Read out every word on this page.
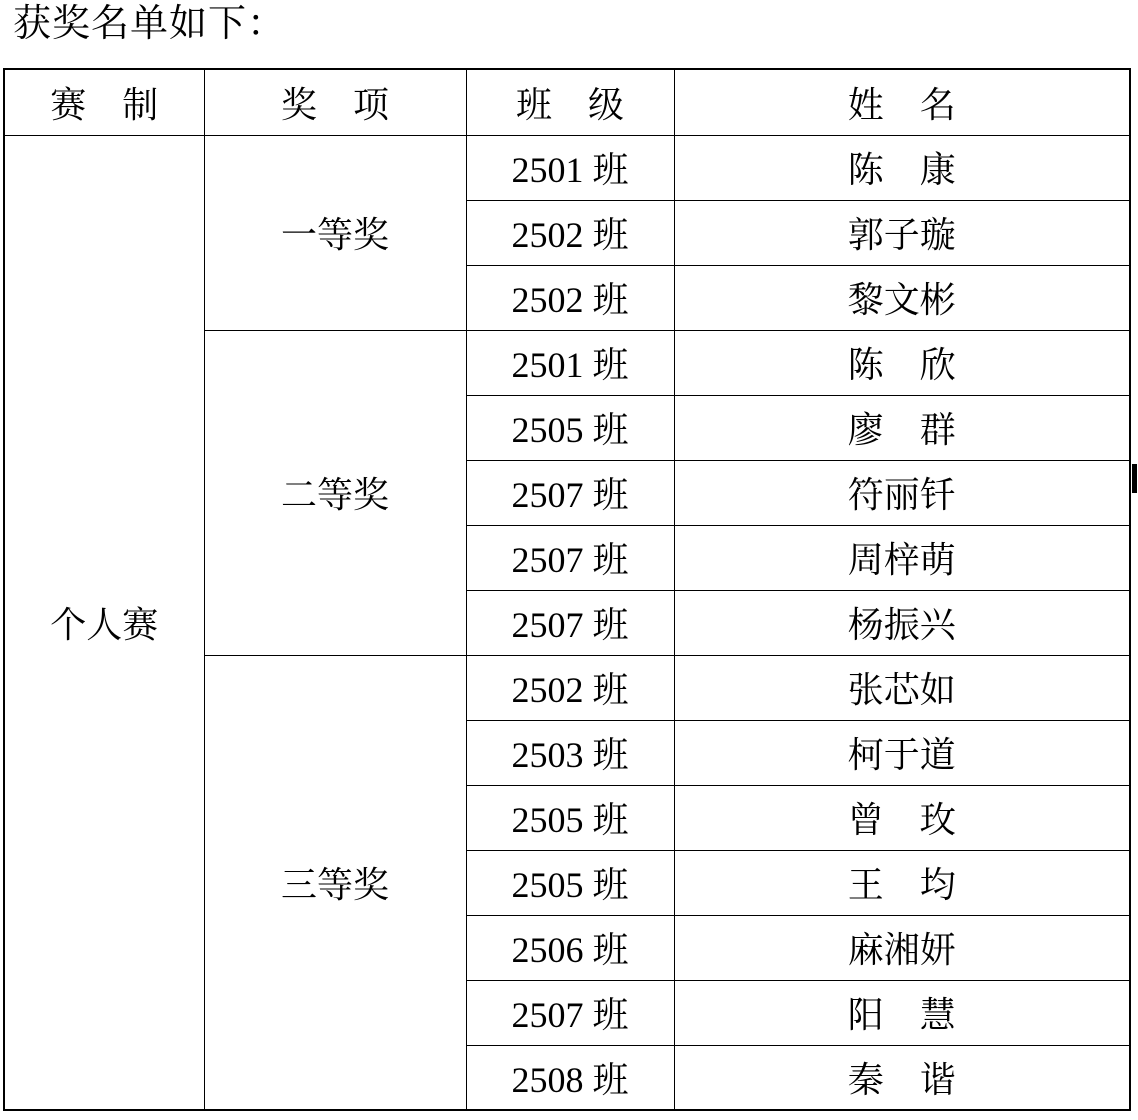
获奖名单如下：
赛　制	奖　项	班　级	姓　名
个人赛	一等奖	2501 班	陈　康
		2502 班	郭子璇
		2502 班	黎文彬
	二等奖	2501 班	陈　欣
		2505 班	廖　群
		2507 班	符丽钎
		2507 班	周梓萌
		2507 班	杨振兴
	三等奖	2502 班	张芯如
		2503 班	柯于道
		2505 班	曾　玫
		2505 班	王　均
		2506 班	麻湘妍
		2507 班	阳　慧
		2508 班	秦　谐
